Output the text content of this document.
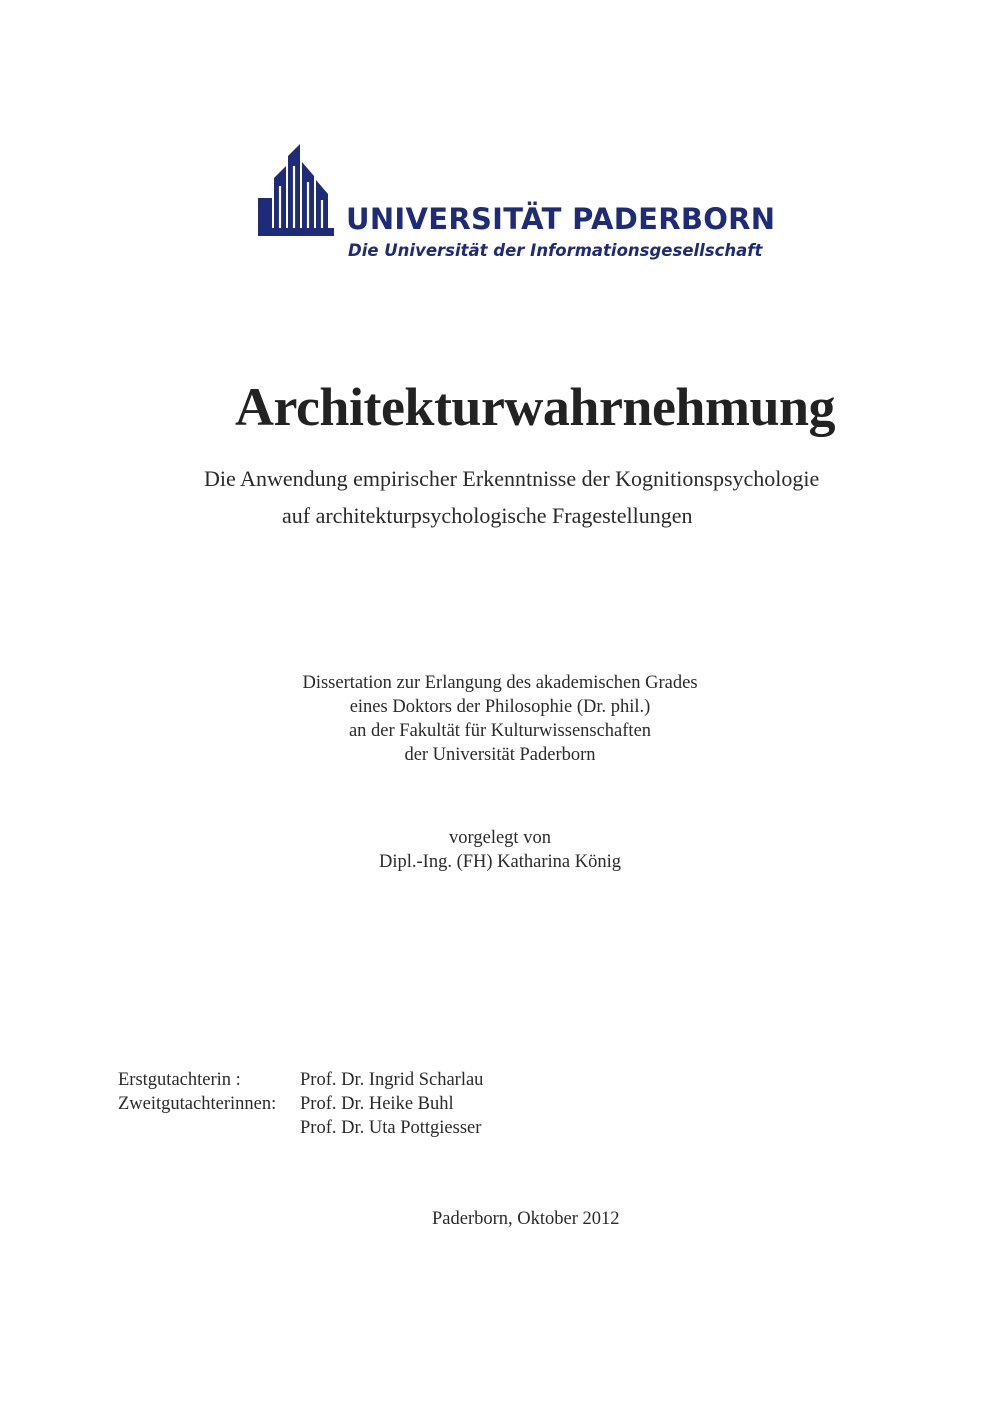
UNIVERSITÄT PADERBORN
Die Universität der Informationsgesellschaft
Architekturwahrnehmung
Die Anwendung empirischer Erkenntnisse der Kognitionspsychologie
auf architekturpsychologische Fragestellungen
Dissertation zur Erlangung des akademischen Grades
eines Doktors der Philosophie (Dr. phil.)
an der Fakultät für Kulturwissenschaften
der Universität Paderborn
vorgelegt von
Dipl.-Ing. (FH) Katharina König
Erstgutachterin :	Prof. Dr. Ingrid Scharlau
Zweitgutachterinnen: Prof. Dr. Heike Buhl
Prof. Dr. Uta Pottgiesser
Paderborn, Oktober 2012
